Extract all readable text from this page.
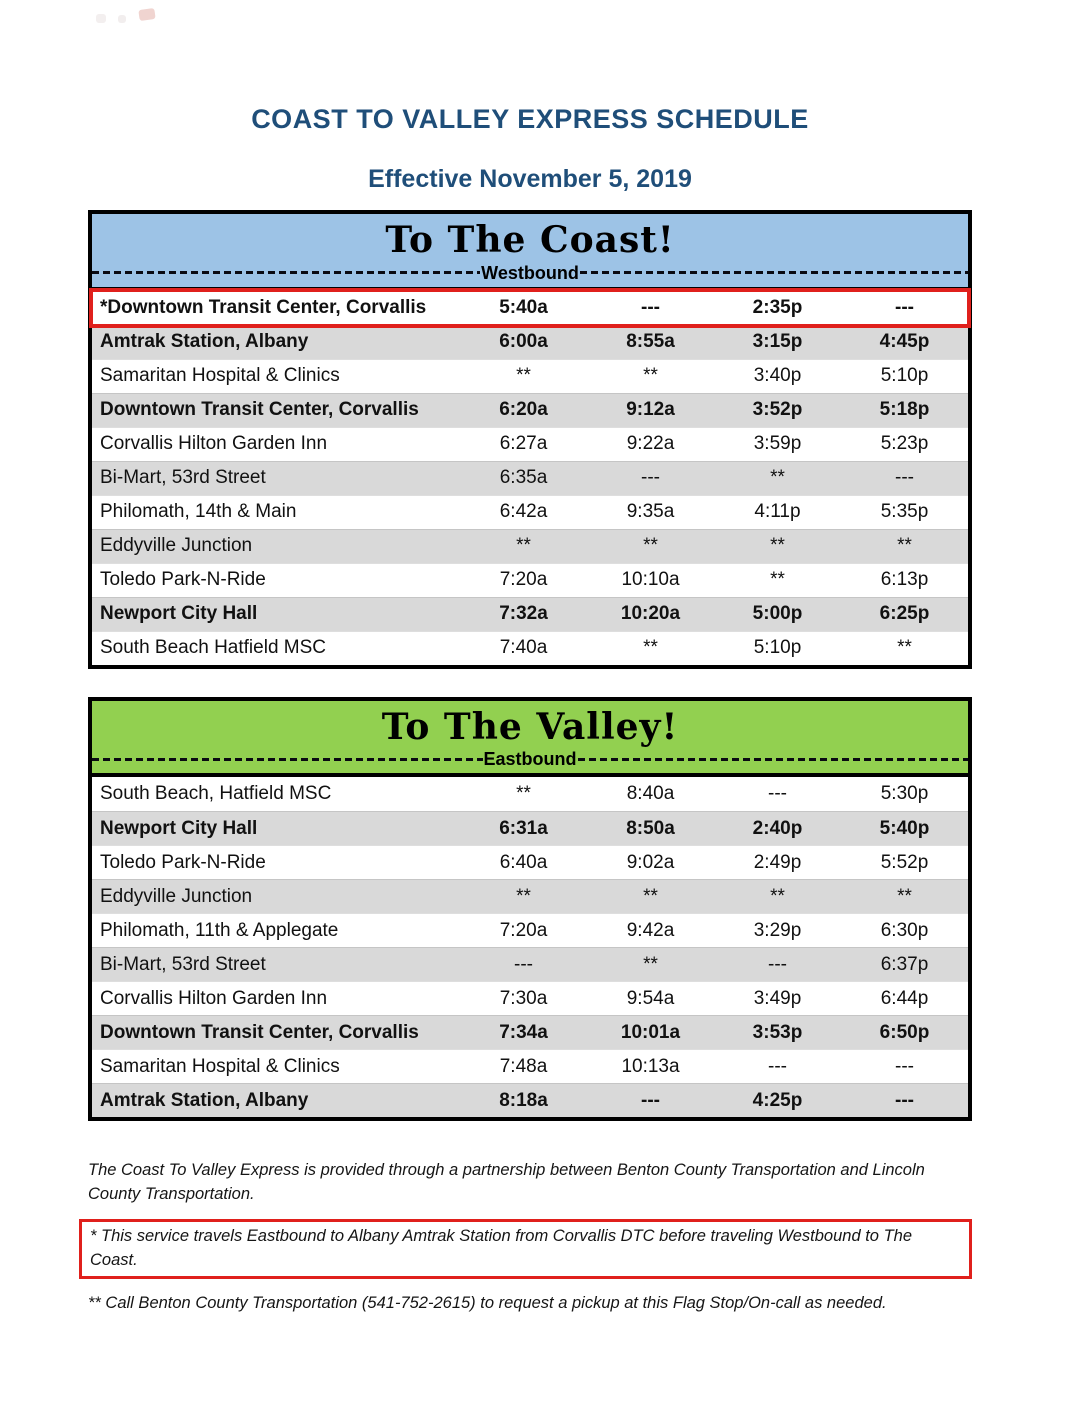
COAST TO VALLEY EXPRESS SCHEDULE
Effective November 5, 2019
To The Coast!
Westbound
*Downtown Transit Center, Corvallis	5:40a	---	2:35p	---
Amtrak Station, Albany	6:00a	8:55a	3:15p	4:45p
Samaritan Hospital & Clinics	**	**	3:40p	5:10p
Downtown Transit Center, Corvallis	6:20a	9:12a	3:52p	5:18p
Corvallis Hilton Garden Inn	6:27a	9:22a	3:59p	5:23p
Bi-Mart, 53rd Street	6:35a	---	**	---
Philomath, 14th & Main	6:42a	9:35a	4:11p	5:35p
Eddyville Junction	**	**	**	**
Toledo Park-N-Ride	7:20a	10:10a	**	6:13p
Newport City Hall	7:32a	10:20a	5:00p	6:25p
South Beach Hatfield MSC	7:40a	**	5:10p	**
To The Valley!
Eastbound
South Beach, Hatfield MSC	**	8:40a	---	5:30p
Newport City Hall	6:31a	8:50a	2:40p	5:40p
Toledo Park-N-Ride	6:40a	9:02a	2:49p	5:52p
Eddyville Junction	**	**	**	**
Philomath, 11th & Applegate	7:20a	9:42a	3:29p	6:30p
Bi-Mart, 53rd Street	---	**	---	6:37p
Corvallis Hilton Garden Inn	7:30a	9:54a	3:49p	6:44p
Downtown Transit Center, Corvallis	7:34a	10:01a	3:53p	6:50p
Samaritan Hospital & Clinics	7:48a	10:13a	---	---
Amtrak Station, Albany	8:18a	---	4:25p	---

The Coast To Valley Express is provided through a partnership between Benton County Transportation and Lincoln County Transportation.

* This service travels Eastbound to Albany Amtrak Station from Corvallis DTC before traveling Westbound to The Coast.

** Call Benton County Transportation (541-752-2615) to request a pickup at this Flag Stop/On-call as needed.
